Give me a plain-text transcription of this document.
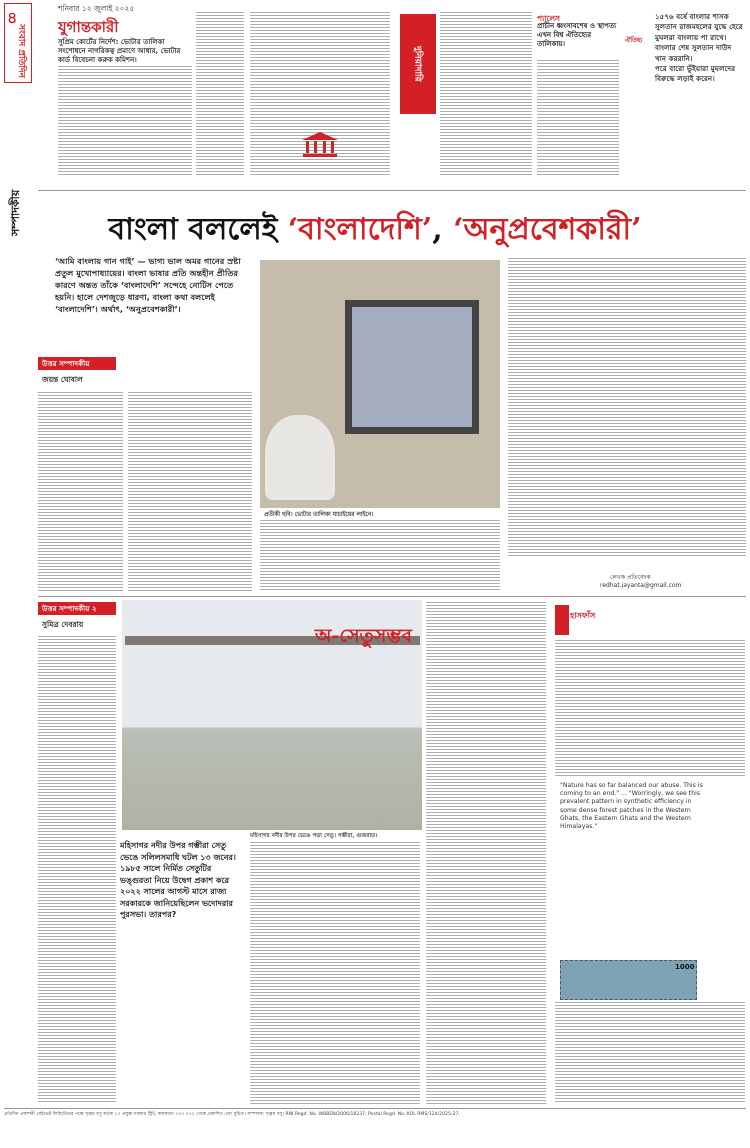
৪
সংবাদ প্রতিদিন
সম্পাদকীয়
শনিবার ১২ জুলাই ২০২৫
যুগান্তকারী
সুপ্রিম কোর্টের নির্দেশ: ভোটার তালিকা সংশোধনে নাগরিকত্ব প্রমাণে আধার, ভোটার কার্ড বিবেচনা করুক কমিশন।	দুনিয়াদারি
প্যালেস
প্রাচীন ধ্বংসাবশেষ ও স্থাপত্য এখন বিশ্ব ঐতিহ্যের তালিকায়।	ঐতিহ্য
১৫৭৬ বর্ষে বাংলার শাসক সুলতান রাজমহলের যুদ্ধে হেরে মুঘলরা বাংলায় পা রাখে।
বাংলার শেষ সুলতান দাউদ খান কররানি।
পরে বারো ভুঁইয়ারা মুঘলদের বিরুদ্ধে লড়াই করেন।
বাংলা বললেই ‘বাংলাদেশি’, ‘অনুপ্রবেশকারী’
‘আমি বাংলায় গান গাই’ — ভাগ্য ভাল অমর গানের স্রষ্টা প্রতুল মুখোপাধ্যায়ের। বাংলা ভাষার প্রতি অন্তহীন প্রীতির কারণে অন্তত তাঁকে ‘বাংলাদেশি’ সন্দেহে নোটিস পেতে হয়নি। হালে দেশজুড়ে ধারণা, বাংলা কথা বললেই ‘বাংলাদেশি’। অর্থাৎ, ‘অনুপ্রবেশকারী’।
উত্তর সম্পাদকীয়
জয়ন্ত ঘোষাল
প্রতীকী ছবি। ভোটার তালিকা যাচাইয়ের লাইনে।
লেখক প্রতিবেদক
redhat.jayanta@gmail.com
উত্তর সম্পাদকীয় ২
সুমিত্র দেবরায়
অ-সেতুসম্ভব
মহিসাগর নদীর উপর ভেঙে পড়া সেতু। গম্ভীরা, গুজরাত।
মহিসাগর নদীর উপর গম্ভীরা সেতু ভেঙে সলিলসমাধি ঘটল ১৩ জনের। ১৯৮৫ সালে নির্মিত সেতুটির ভঙ্গুরতা নিয়ে উদ্বেগ প্রকাশ করে ২০২২ সালের আগস্ট মাসে রাজ্য সরকারকে জানিয়েছিলেন ভদোদরার পুরসভা। তারপর?
হাসফাঁস
"Nature has so far balanced our abuse. This is coming to an end." ... "Worringly, we see this prevalent pattern in synthetic efficiency in some dense forest patches in the Western Ghats, the Eastern Ghats and the Western Himalayas."
1000
প্রতিদিন প্রকাশনী প্রাইভেট লিমিটেডের পক্ষে সৃঞ্জয় বসু কর্তৃক ২০ প্রফুল্ল সরকার স্ট্রিট, কলকাতা ৭০০ ০৭২ থেকে প্রকাশিত এবং মুদ্রিত। সম্পাদক: সৃঞ্জয় বসু। RNI Regd. No. WBBEN/2006/18237, Postal Regd. No. KOL RMS/124/2025-27.
